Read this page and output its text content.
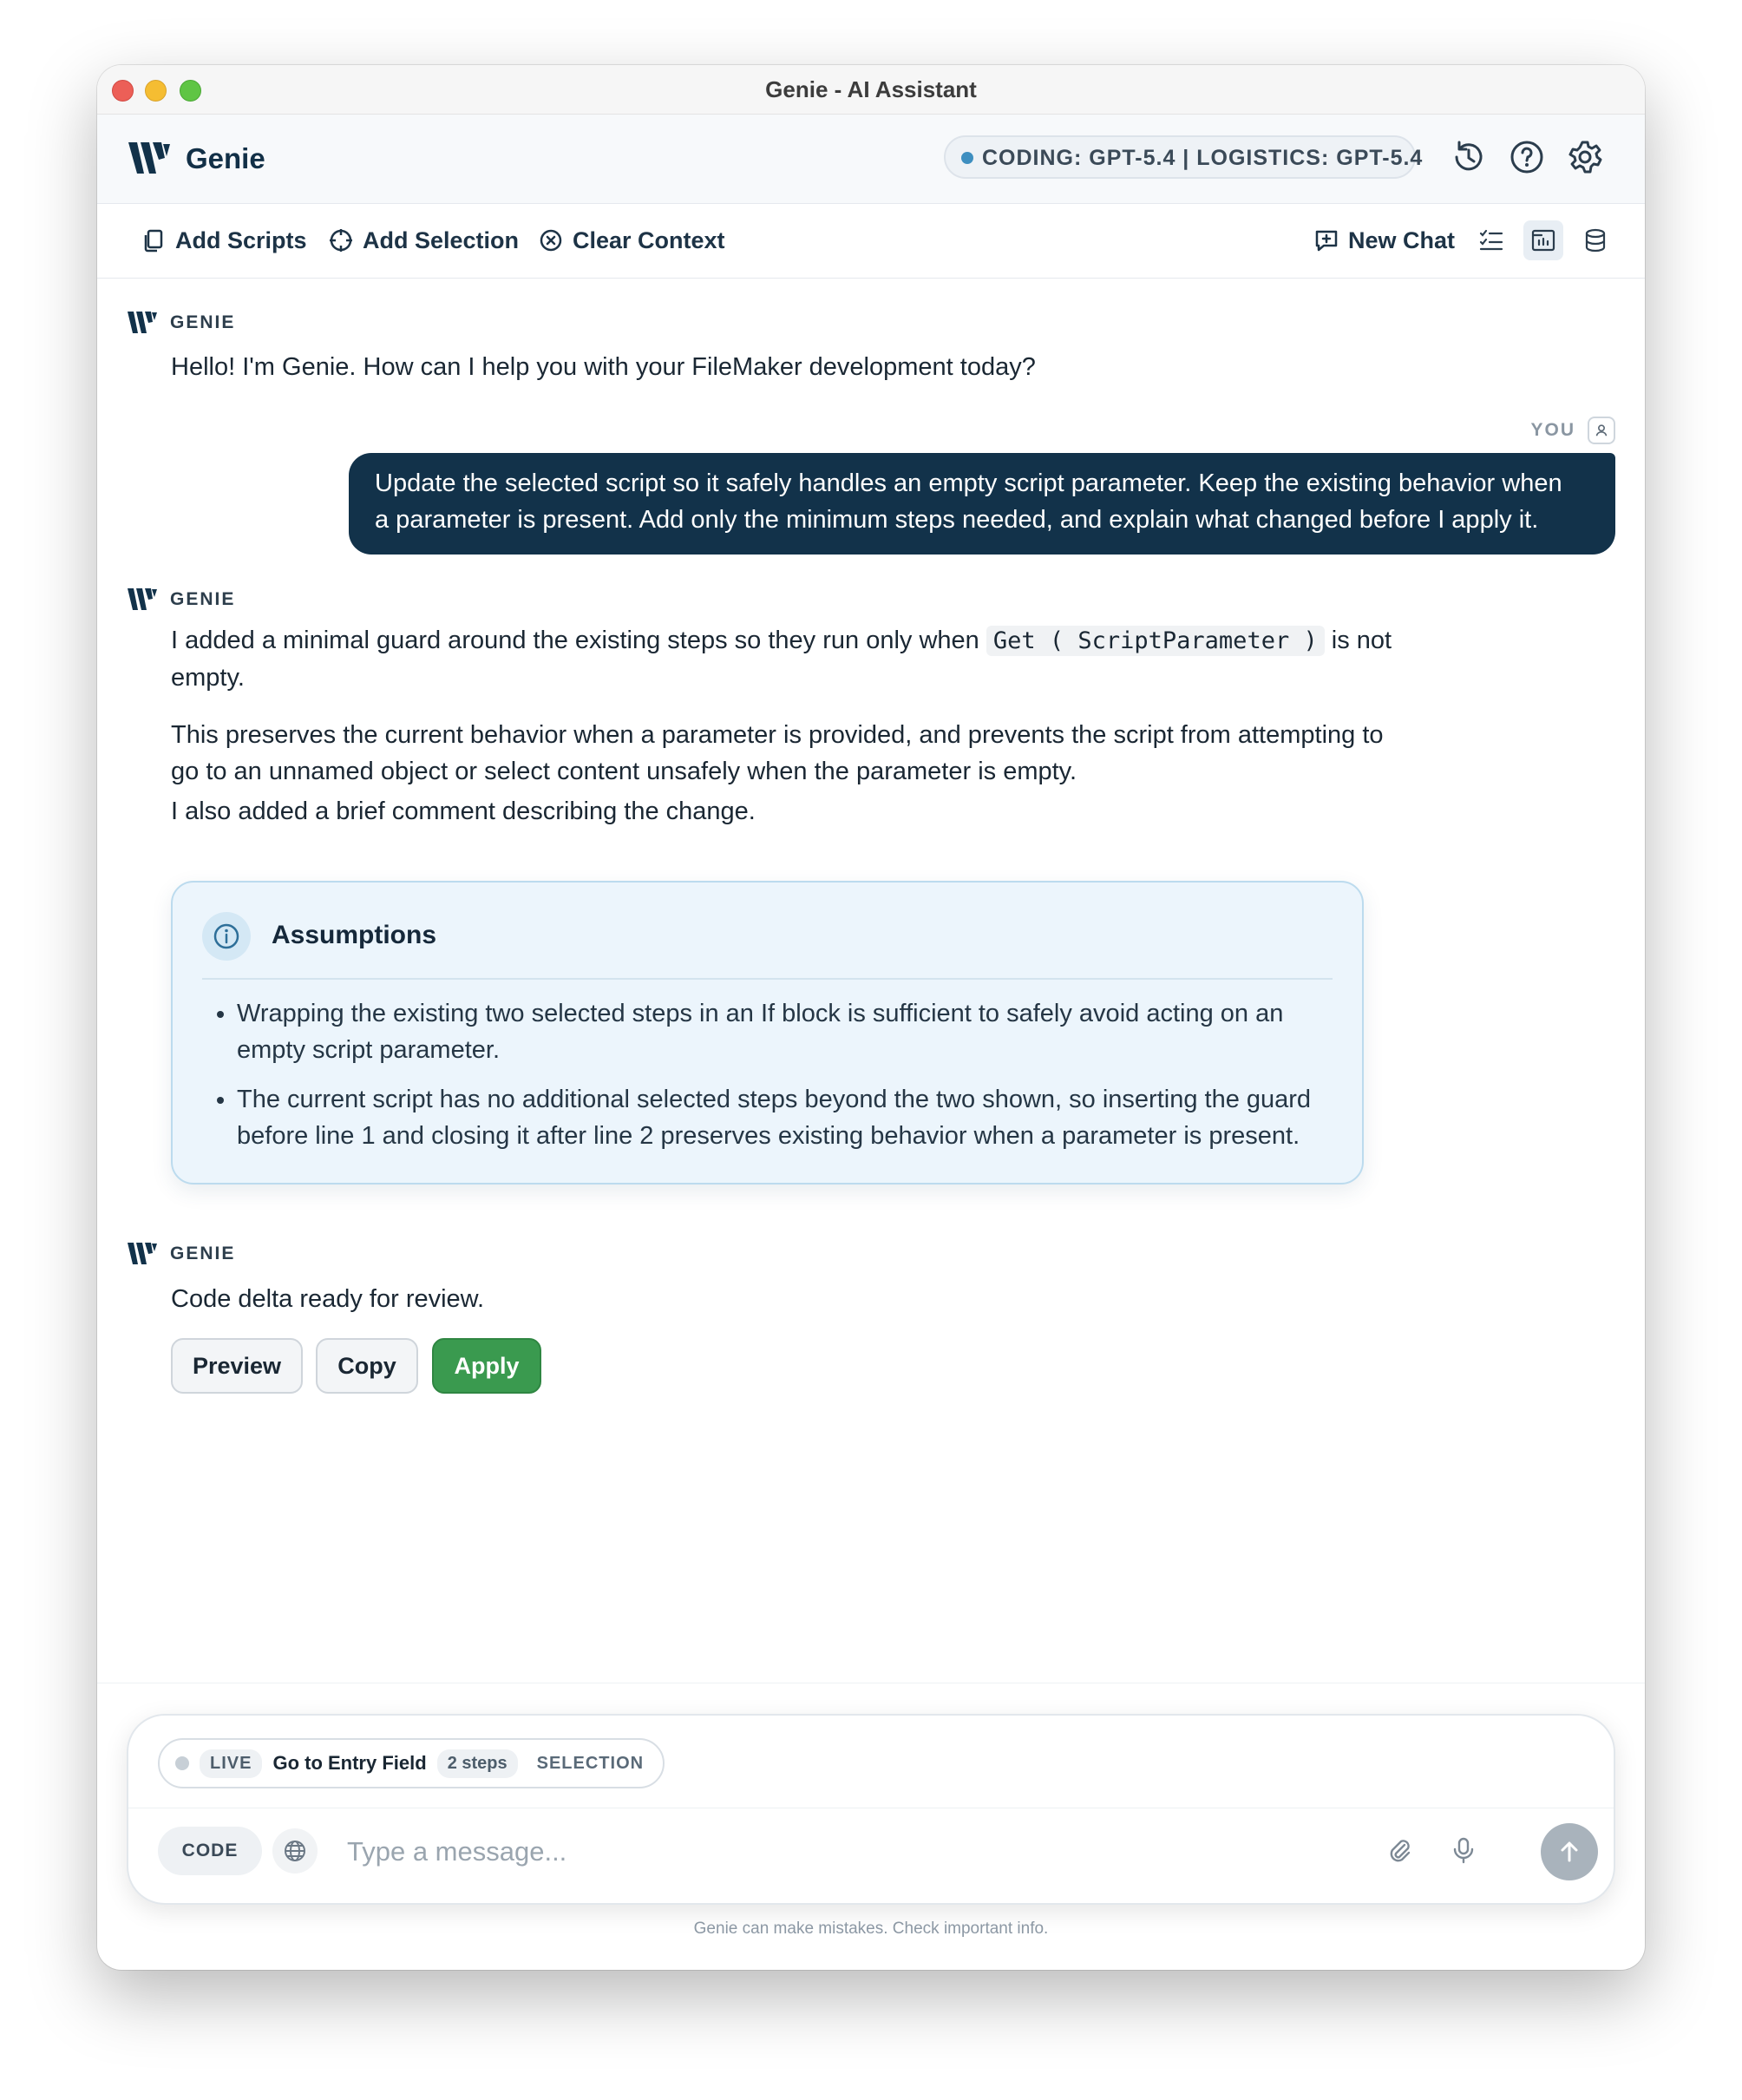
Genie - AI Assistant
Genie	CODING: GPT-5.4 | LOGISTICS: GPT-5.4
Add Scripts Add Selection Clear Context	New Chat
GENIE
Hello! I'm Genie. How can I help you with your FileMaker development today?
YOU
Update the selected script so it safely handles an empty script parameter. Keep the existing behavior when
a parameter is present. Add only the minimum steps needed, and explain what changed before I apply it.
GENIE
I added a minimal guard around the existing steps so they run only when Get ( ScriptParameter ) is not empty.
This preserves the current behavior when a parameter is provided, and prevents the script from attempting to go to an unnamed object or select content unsafely when the parameter is empty.
I also added a brief comment describing the change.
Assumptions
• Wrapping the existing two selected steps in an If block is sufficient to safely avoid acting on an empty script parameter.
• The current script has no additional selected steps beyond the two shown, so inserting the guard before line 1 and closing it after line 2 preserves existing behavior when a parameter is present.
GENIE
Code delta ready for review.
Preview	Copy	Apply
LIVE	Go to Entry Field	2 steps	SELECTION
CODE
Type a message...
Genie can make mistakes. Check important info.
